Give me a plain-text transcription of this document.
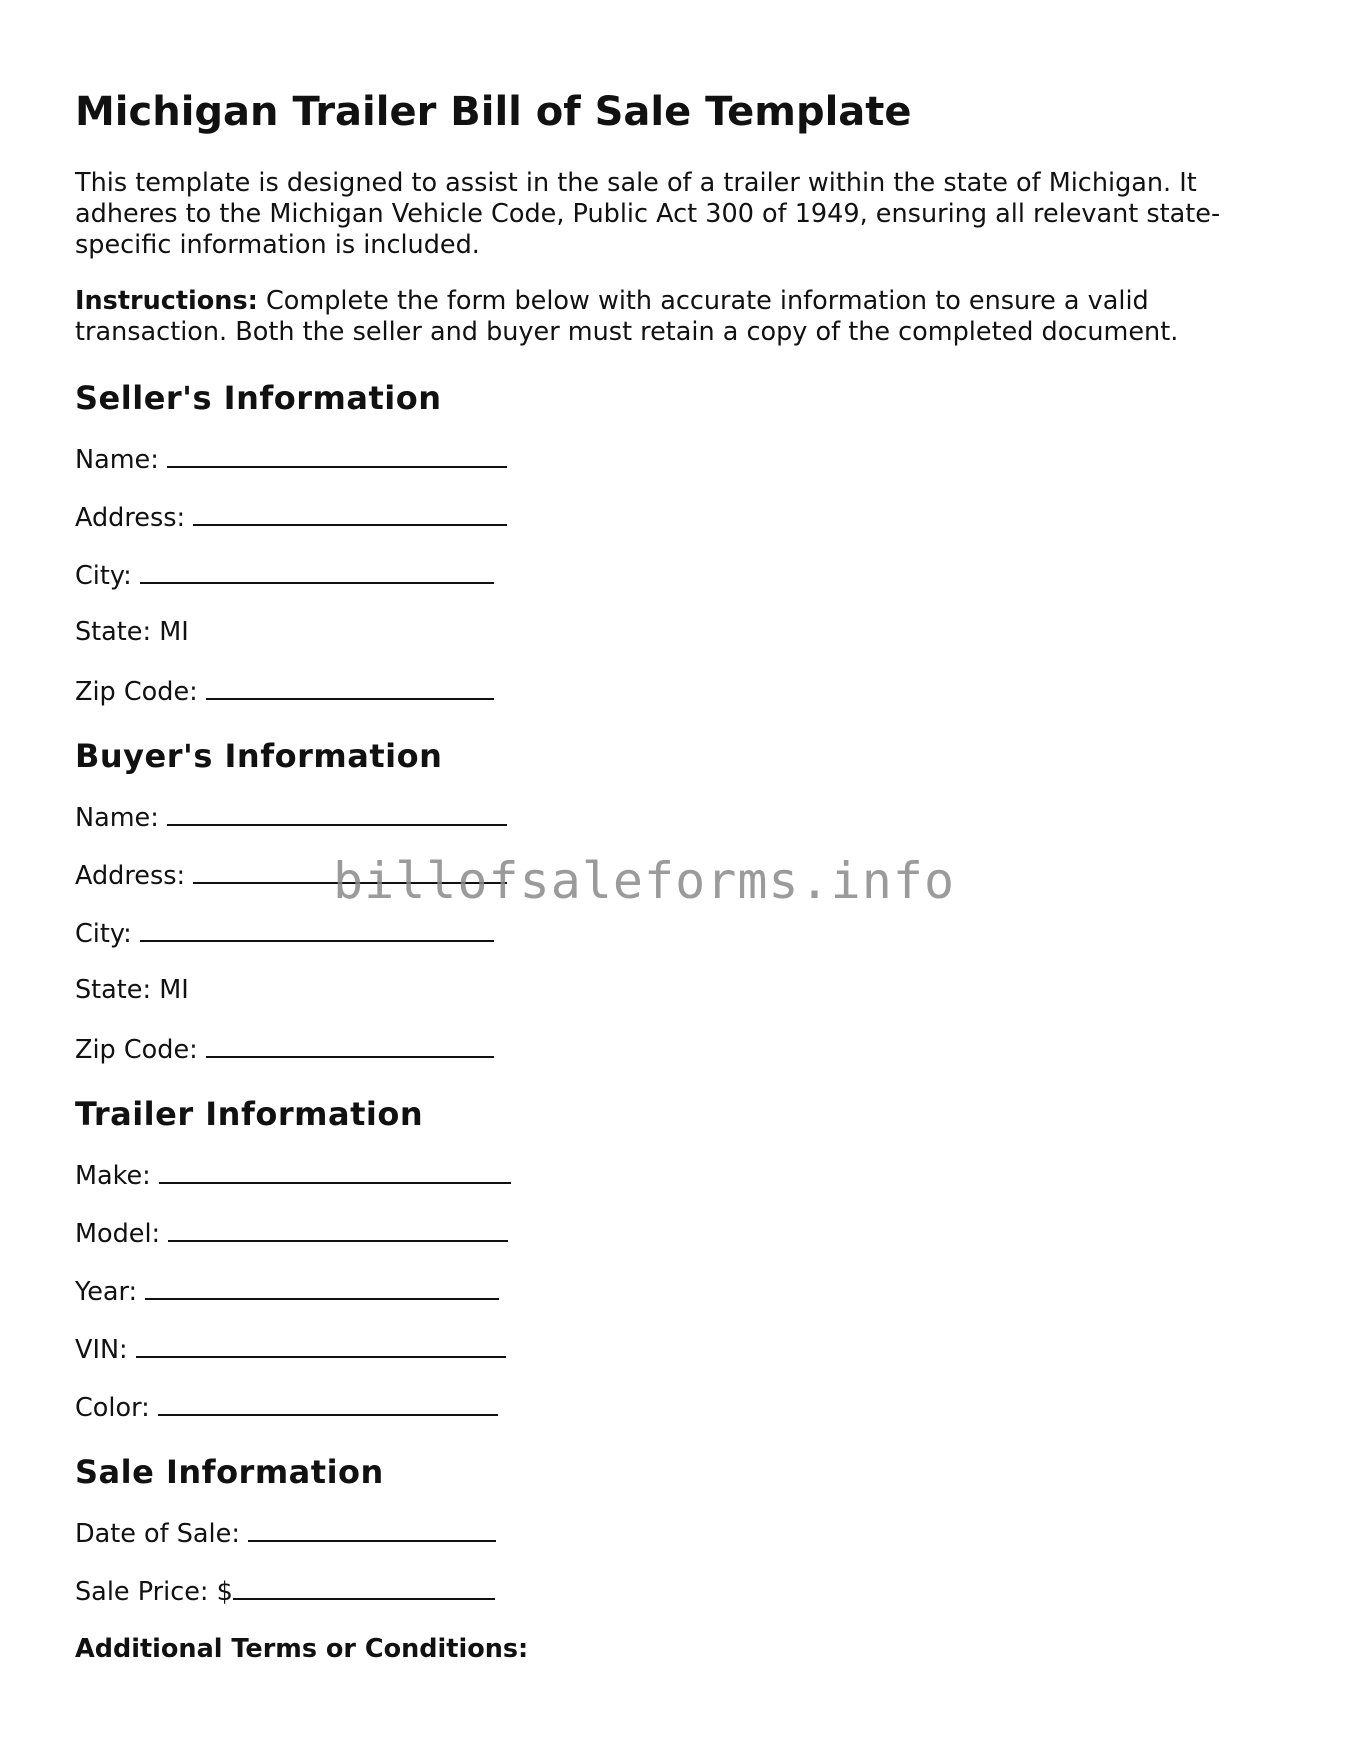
Michigan Trailer Bill of Sale Template

This template is designed to assist in the sale of a trailer within the state of Michigan. It adheres to the Michigan Vehicle Code, Public Act 300 of 1949, ensuring all relevant state-specific information is included.

Instructions: Complete the form below with accurate information to ensure a valid transaction. Both the seller and buyer must retain a copy of the completed document.

Seller's Information
Name:
Address:
City:
State: MI
Zip Code:
Buyer's Information
Name:
Address:
City:
State: MI
Zip Code:
Trailer Information
Make:
Model:
Year:
VIN:
Color:
Sale Information
Date of Sale:
Sale Price: $
Additional Terms or Conditions:
billofsaleforms.info
